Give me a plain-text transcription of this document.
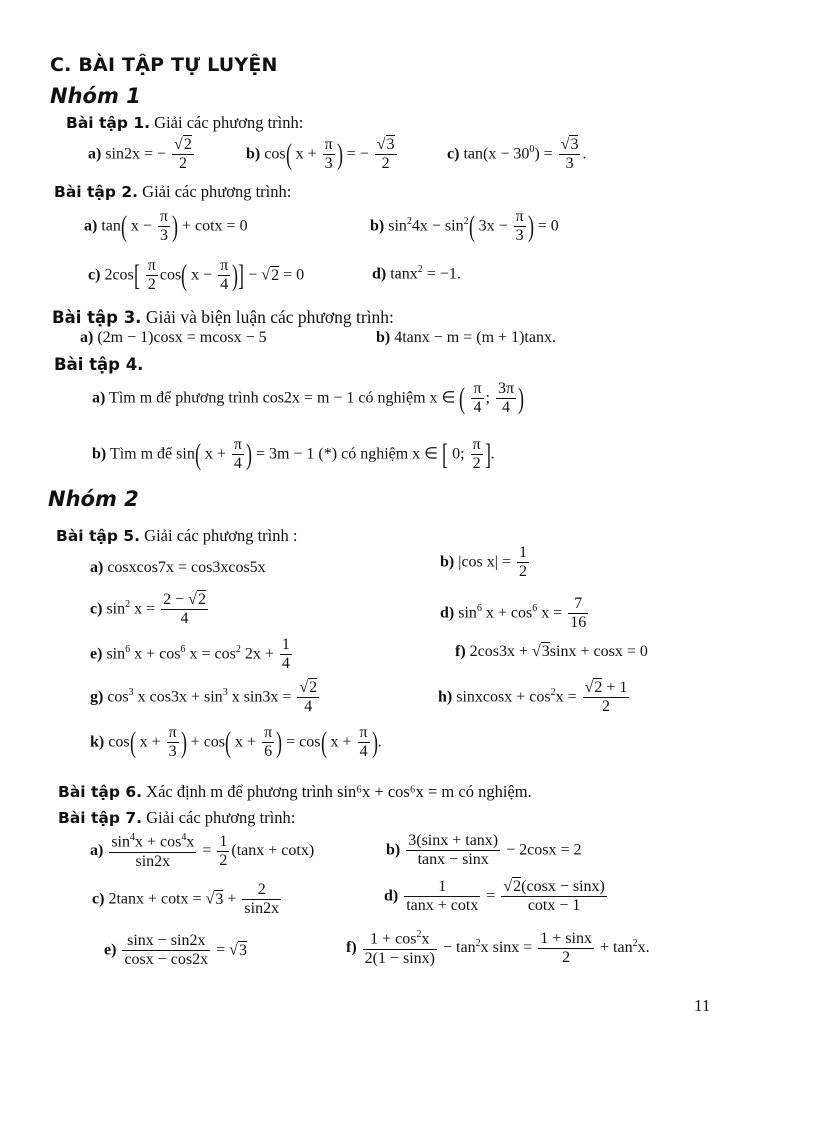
C. BÀI TẬP TỰ LUYỆN
Nhóm 1
Bài tập 1. Giải các phương trình:
a) sin2x = − $\frac{√2}{2}$	b) cos( $x + \frac{\pi}{3}$ ) = − $\frac{√3}{2}$	c) $\tan(x - 30^0) = \frac{√3}{3}$ .
Bài tập 2. Giải các phương trình:
a) tan( $x - \frac{\pi}{3}$ ) + cotx = 0	b) $\sin^24x - \sin^2$( $3x - \frac{\pi}{3}$ ) = 0
c) $2\cos[ \frac{\pi}{2} \cos$( $x - \frac{\pi}{4}$ )] − √2 = 0	d) tanx$^2$ = −1.
Bài tập 3. Giải và biện luận các phương trình:
a) (2m − 1)cosx = mcosx − 5	b) 4tanx − m = (m + 1)tanx.
Bài tập 4.
a) Tìm m để phương trình cos2x = m − 1 có nghiệm x ∈ ( $\frac{\pi}{4}$ ; $\frac{3\pi}{4}$ )
b) Tìm m để sin( $x + \frac{\pi}{4}$ ) = 3m − 1 (*) có nghiệm x ∈ [ 0; $\frac{\pi}{2}$ ].
Nhóm 2
Bài tập 5. Giải các phương trình :
a) cosxcos7x = cos3xcos5x	b) |cos $x| = \frac{1}{2}$
c) $\sin^2 x = \frac{2 - √2}{4}$	d) $\sin^6 x + \cos^6 x = \frac{7}{16}$
e) $\sin^6 x + \cos^6 x = \cos^2 2x + \frac{1}{4}$	f) 2cos3x + √3sinx + cosx = 0
g) $\cos^3 x$ $\cos 3x + \sin^3 x$ $\sin 3x = \frac{√2}{4}$	h) sinxcosx + $\cos^2x = \frac{√2 + 1}{2}$
k) cos( $x + \frac{\pi}{3}$ ) + cos( $x + \frac{\pi}{6}$ ) = cos( $x + \frac{\pi}{4}$ ).
Bài tập 6. Xác định m để phương trình sin⁶x + cos⁶x = m có nghiệm.
Bài tập 7. Giải các phương trình:
$a) \frac{\sin^4x + \cos^4x}{\sin 2x} = \frac{1}{2} (\tan x + \cot x)$	$b) \frac{3(\sin x + \tan x)}{\tan x - \sin x} - 2\cos x = 2$
c) $2\tan x + \cot x = √3 + \frac{2}{\sin 2x}$	$d) \frac{1}{\tan x + \cot x} = \frac{√2(\cos x - \sin x)}{\cot x - 1}$
$e) \frac{\sin x - \sin 2x}{\cos x - \cos 2x} = √3$	$f) \frac{1 + \cos^2x}{2(1 - \sin x)} - \tan^2x$ $\sin x = \frac{1 + \sin x}{2} + \tan^2x$.
11
